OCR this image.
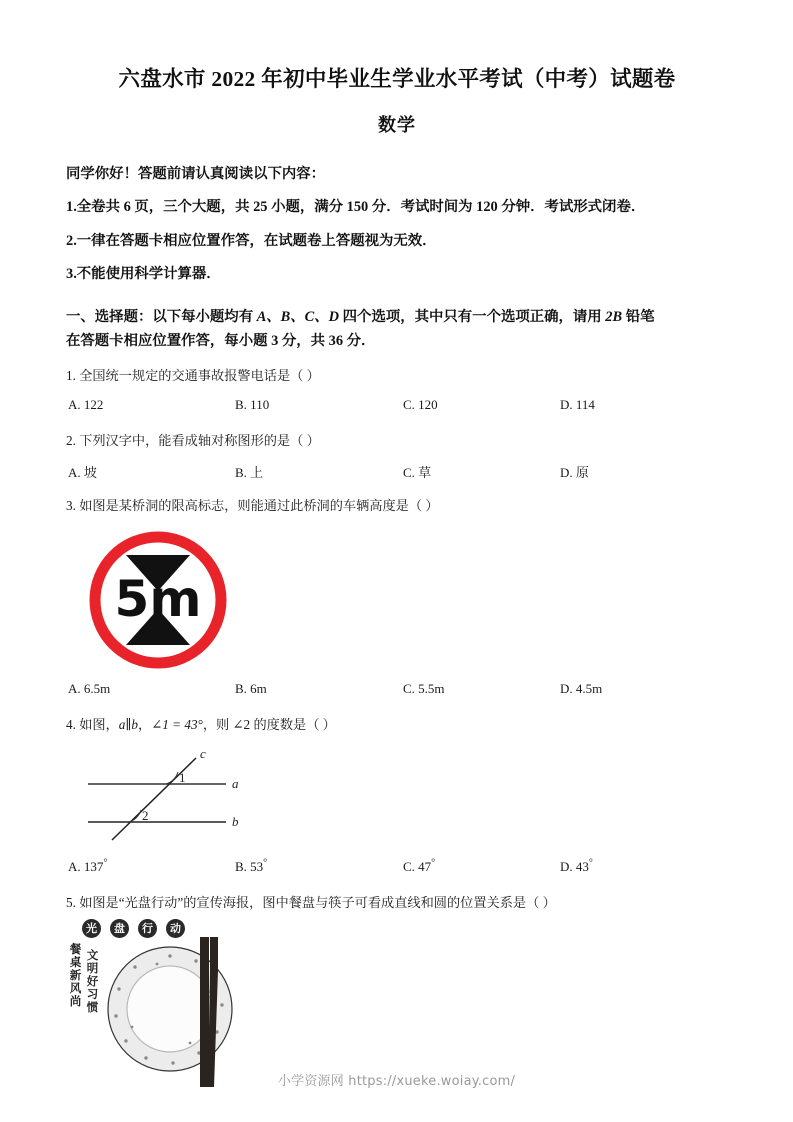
六盘水市 2022 年初中毕业生学业水平考试（中考）试题卷
数学
同学你好！答题前请认真阅读以下内容：
1.全卷共 6 页，三个大题，共 25 小题，满分 150 分．考试时间为 120 分钟．考试形式闭卷．
2.一律在答题卡相应位置作答，在试题卷上答题视为无效．
3.不能使用科学计算器．
一、选择题：以下每小题均有 A、B、C、D 四个选项，其中只有一个选项正确，请用 2B 铅笔
在答题卡相应位置作答，每小题 3 分，共 36 分．
1. 全国统一规定的交通事故报警电话是（ ）
A. 122	B. 110	C. 120	D. 114
2. 下列汉字中，能看成轴对称图形的是（ ）
A. 坡	B. 上	C. 草	D. 原
3. 如图是某桥洞的限高标志，则能通过此桥洞的车辆高度是（ ）
5m
A. 6.5m	B. 6m	C. 5.5m	D. 4.5m
4. 如图，a∥b，∠1 = 43°，则 ∠2 的度数是（ ）
c
a
b
1
2
A. 137°	B. 53°	C. 47°	D. 43°
5. 如图是“光盘行动”的宣传海报，图中餐盘与筷子可看成直线和圆的位置关系是（ ）
光	盘	行	动
餐桌新风尚 文明好习惯
小学资源网 https://xueke.woiay.com/
